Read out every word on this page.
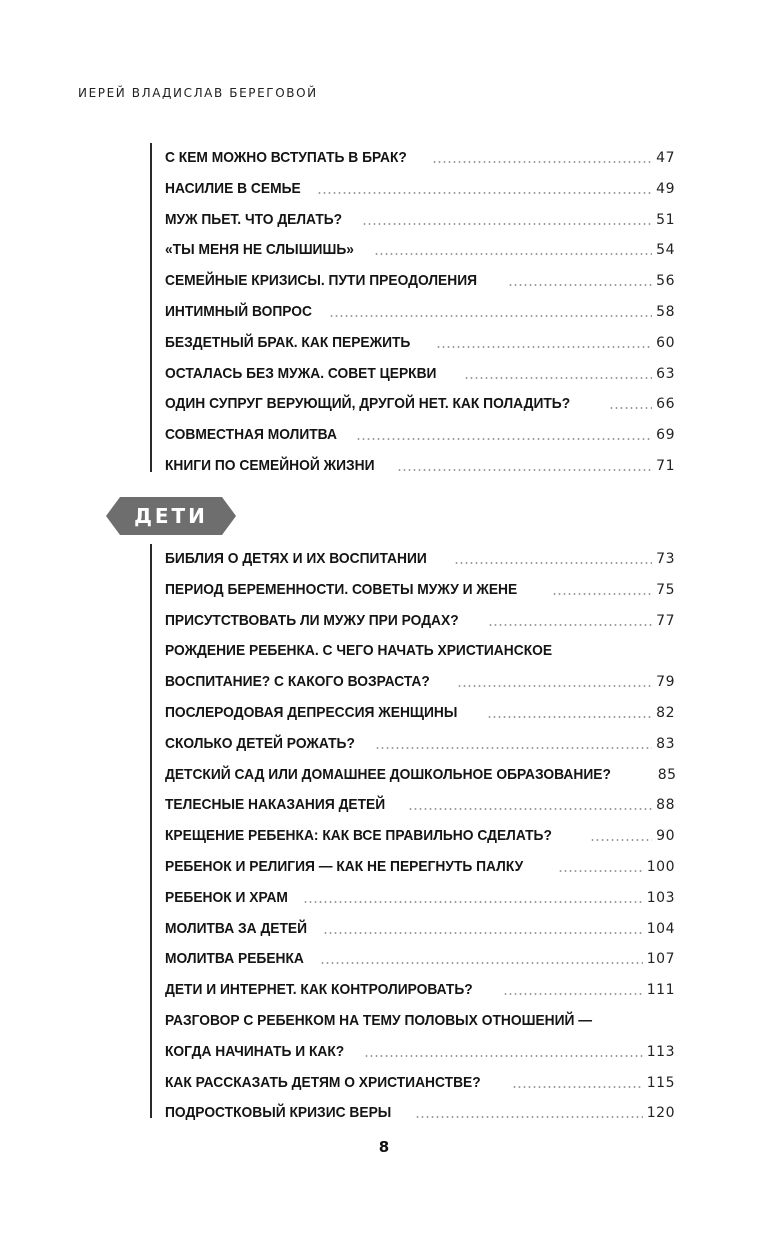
ИЕРЕЙ ВЛАДИСЛАВ БЕРЕГОВОЙ
С КЕМ МОЖНО ВСТУПАТЬ В БРАК?	47
НАСИЛИЕ В СЕМЬЕ	49
МУЖ ПЬЕТ. ЧТО ДЕЛАТЬ?	51
«ТЫ МЕНЯ НЕ СЛЫШИШЬ»	54
СЕМЕЙНЫЕ КРИЗИСЫ. ПУТИ ПРЕОДОЛЕНИЯ	56
ИНТИМНЫЙ ВОПРОС	58
БЕЗДЕТНЫЙ БРАК. КАК ПЕРЕЖИТЬ	60
ОСТАЛАСЬ БЕЗ МУЖА. СОВЕТ ЦЕРКВИ	63
ОДИН СУПРУГ ВЕРУЮЩИЙ, ДРУГОЙ НЕТ. КАК ПОЛАДИТЬ?	66
СОВМЕСТНАЯ МОЛИТВА	69
КНИГИ ПО СЕМЕЙНОЙ ЖИЗНИ	71
ДЕТИ
БИБЛИЯ О ДЕТЯХ И ИХ ВОСПИТАНИИ	73
ПЕРИОД БЕРЕМЕННОСТИ. СОВЕТЫ МУЖУ И ЖЕНЕ	75
ПРИСУТСТВОВАТЬ ЛИ МУЖУ ПРИ РОДАХ?	77
РОЖДЕНИЕ РЕБЕНКА. С ЧЕГО НАЧАТЬ ХРИСТИАНСКОЕ
ВОСПИТАНИЕ? С КАКОГО ВОЗРАСТА?	79
ПОСЛЕРОДОВАЯ ДЕПРЕССИЯ ЖЕНЩИНЫ	82
СКОЛЬКО ДЕТЕЙ РОЖАТЬ?	83
ДЕТСКИЙ САД ИЛИ ДОМАШНЕЕ ДОШКОЛЬНОЕ ОБРАЗОВАНИЕ?	85
ТЕЛЕСНЫЕ НАКАЗАНИЯ ДЕТЕЙ	88
КРЕЩЕНИЕ РЕБЕНКА: КАК ВСЕ ПРАВИЛЬНО СДЕЛАТЬ?	90
РЕБЕНОК И РЕЛИГИЯ — КАК НЕ ПЕРЕГНУТЬ ПАЛКУ	100
РЕБЕНОК И ХРАМ	103
МОЛИТВА ЗА ДЕТЕЙ	104
МОЛИТВА РЕБЕНКА	107
ДЕТИ И ИНТЕРНЕТ. КАК КОНТРОЛИРОВАТЬ?	111
РАЗГОВОР С РЕБЕНКОМ НА ТЕМУ ПОЛОВЫХ ОТНОШЕНИЙ —
КОГДА НАЧИНАТЬ И КАК?	113
КАК РАССКАЗАТЬ ДЕТЯМ О ХРИСТИАНСТВЕ?	115
ПОДРОСТКОВЫЙ КРИЗИС ВЕРЫ	120
8
